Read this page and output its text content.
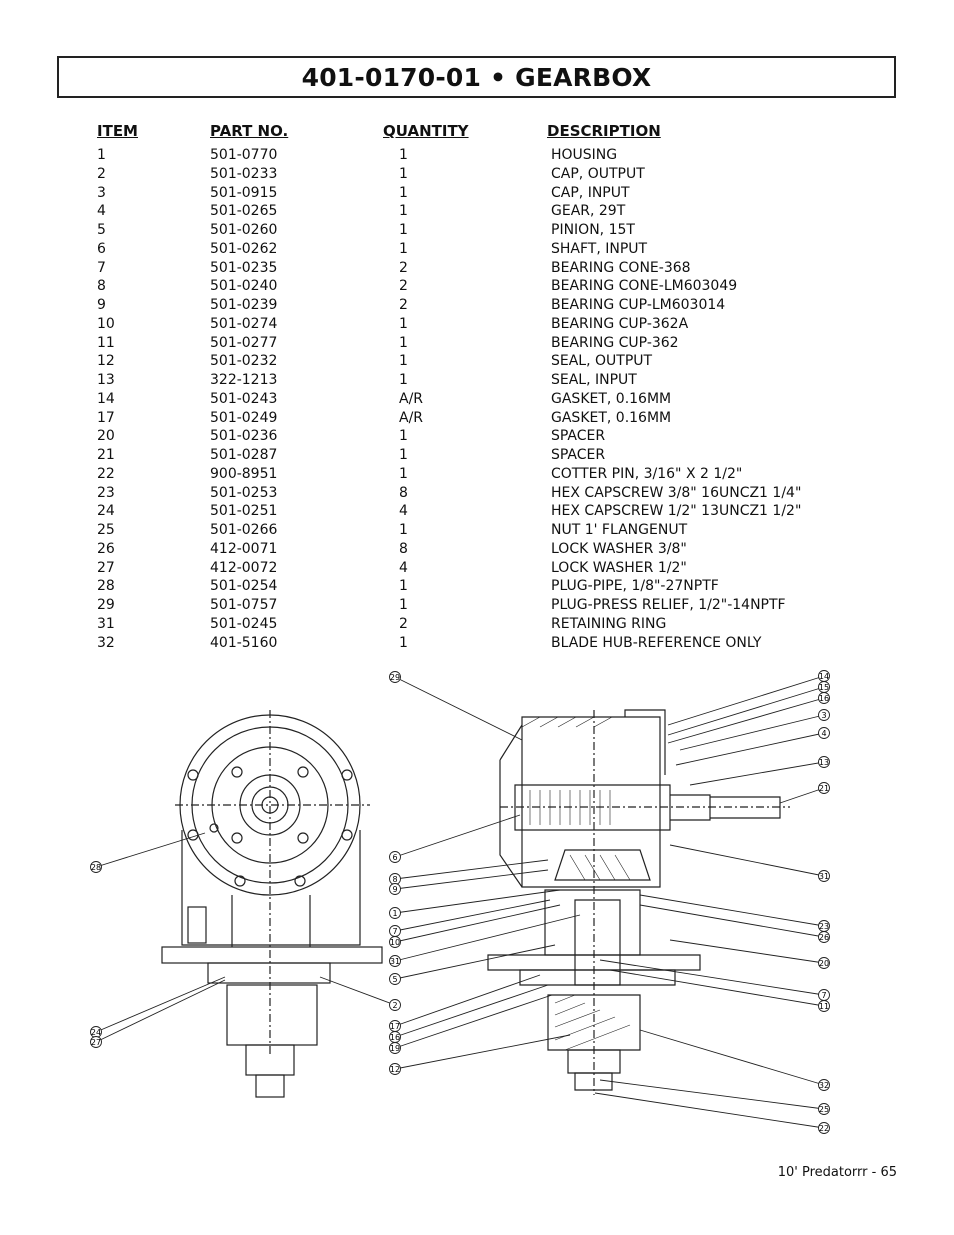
401-0170-01 • GEARBOX
ITEM	PART NO.	QUANTITY	DESCRIPTION
1	501-0770	1	HOUSING
2	501-0233	1	CAP, OUTPUT
3	501-0915	1	CAP, INPUT
4	501-0265	1	GEAR, 29T
5	501-0260	1	PINION, 15T
6	501-0262	1	SHAFT, INPUT
7	501-0235	2	BEARING CONE-368
8	501-0240	2	BEARING CONE-LM603049
9	501-0239	2	BEARING CUP-LM603014
10	501-0274	1	BEARING CUP-362A
11	501-0277	1	BEARING CUP-362
12	501-0232	1	SEAL, OUTPUT
13	322-1213	1	SEAL, INPUT
14	501-0243	A/R	GASKET, 0.16MM
17	501-0249	A/R	GASKET, 0.16MM
20	501-0236	1	SPACER
21	501-0287	1	SPACER
22	900-8951	1	COTTER PIN, 3/16" X 2 1/2"
23	501-0253	8	HEX CAPSCREW 3/8" 16UNCZ1 1/4"
24	501-0251	4	HEX CAPSCREW 1/2" 13UNCZ1 1/2"
25	501-0266	1	NUT 1' FLANGENUT
26	412-0071	8	LOCK WASHER 3/8"
27	412-0072	4	LOCK WASHER 1/2"
28	501-0254	1	PLUG-PIPE, 1/8"-27NPTF
29	501-0757	1	PLUG-PRESS RELIEF, 1/2"-14NPTF
31	501-0245	2	RETAINING RING
32	401-5160	1	BLADE HUB-REFERENCE ONLY
28
2
24
27
29
6
8
9
1
7
10
31
5
17
16
19
12
14
15
16
3
4
13
21
31
23
26
20
7
11
32
25
22
10' Predatorrr - 65
